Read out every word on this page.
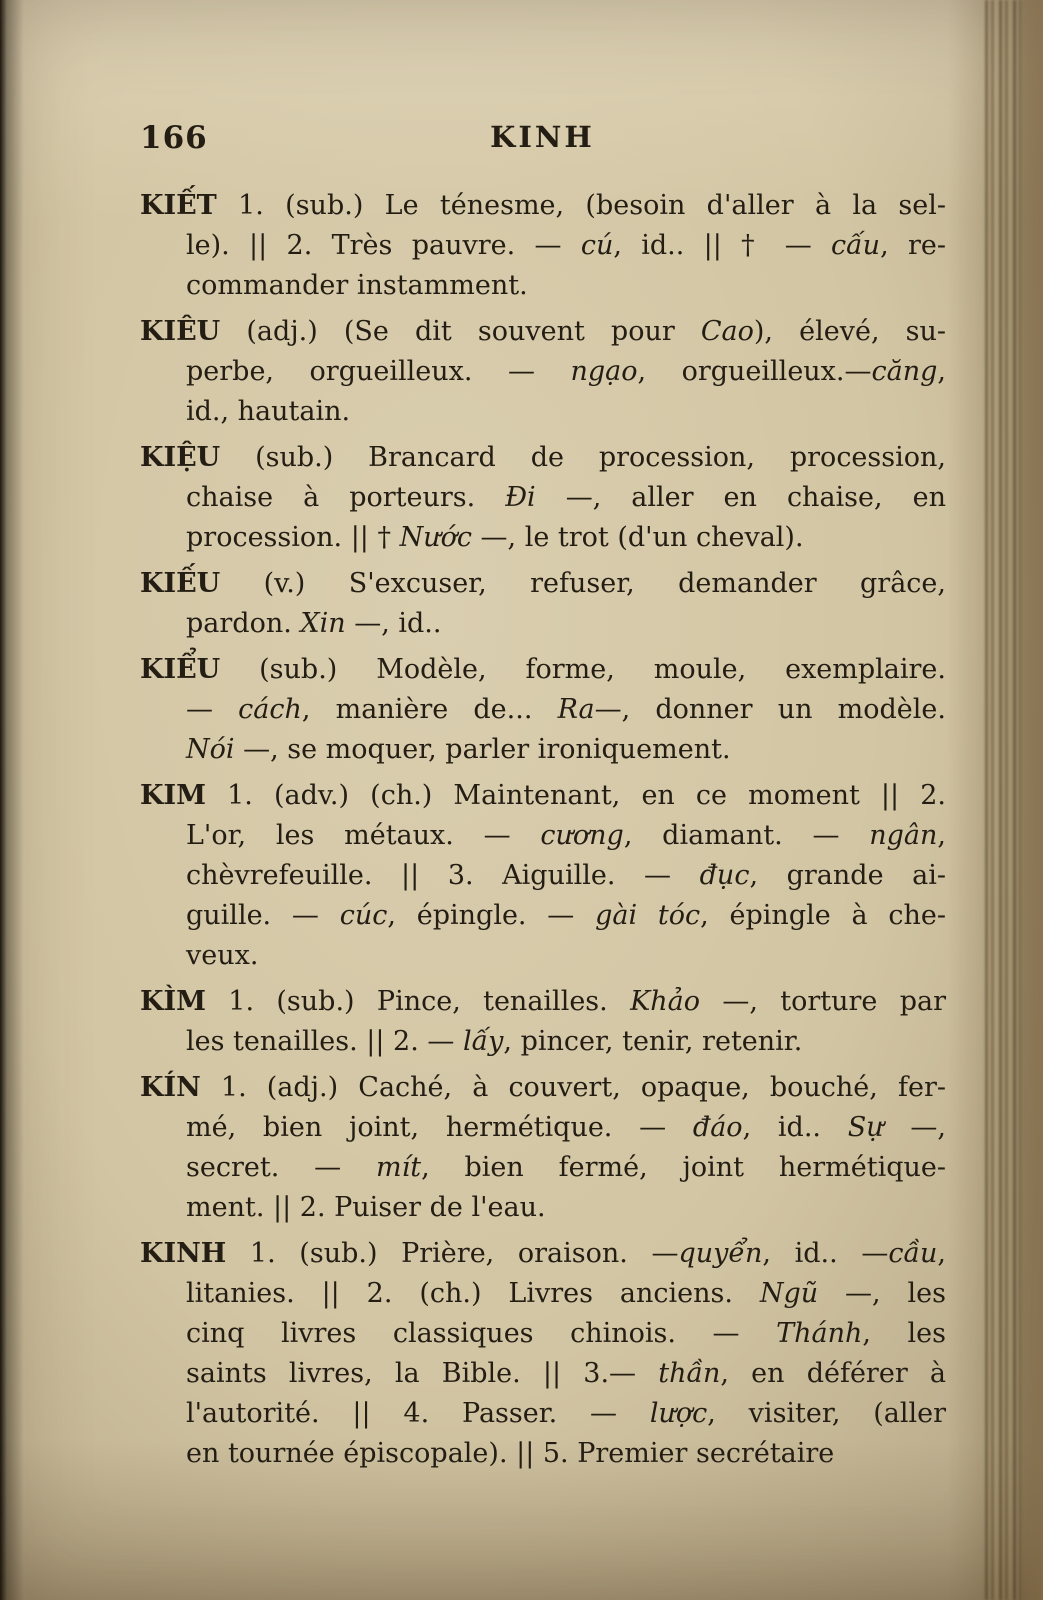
KINH
166
KIẾT 1. (sub.) Le ténesme, (besoin d'aller à la sel-
le). || 2. Très pauvre. — cú, id.. || † — cấu, re-
commander instamment.
KIÊU (adj.) (Se dit souvent pour Cao), élevé, su-
perbe, orgueilleux. — ngạo, orgueilleux.—căng,
id., hautain.
KIỆU (sub.) Brancard de procession, procession,
chaise à porteurs. Đi —, aller en chaise, en
procession. || † Nước —, le trot (d'un cheval).
KIẾU (v.) S'excuser, refuser, demander grâce,
pardon. Xin —, id..
KIỂU (sub.) Modèle, forme, moule, exemplaire.
— cách, manière de... Ra—, donner un modèle.
Nói —, se moquer, parler ironiquement.
KIM 1. (adv.) (ch.) Maintenant, en ce moment || 2.
L'or, les métaux. — cương, diamant. — ngân,
chèvrefeuille. || 3. Aiguille. — đục, grande ai-
guille. — cúc, épingle. — gài tóc, épingle à che-
veux.
KÌM 1. (sub.) Pince, tenailles. Khảo —, torture par
les tenailles. || 2. — lấy, pincer, tenir, retenir.
KÍN 1. (adj.) Caché, à couvert, opaque, bouché, fer-
mé, bien joint, hermétique. — đáo, id.. Sự —,
secret. — mít, bien fermé, joint hermétique-
ment. || 2. Puiser de l'eau.
KINH 1. (sub.) Prière, oraison. —quyển, id.. —cầu,
litanies. || 2. (ch.) Livres anciens. Ngũ —, les
cinq livres classiques chinois. — Thánh, les
saints livres, la Bible. || 3.— thần, en déférer à
l'autorité. || 4. Passer. — lược, visiter, (aller
en tournée épiscopale). || 5. Premier secrétaire
